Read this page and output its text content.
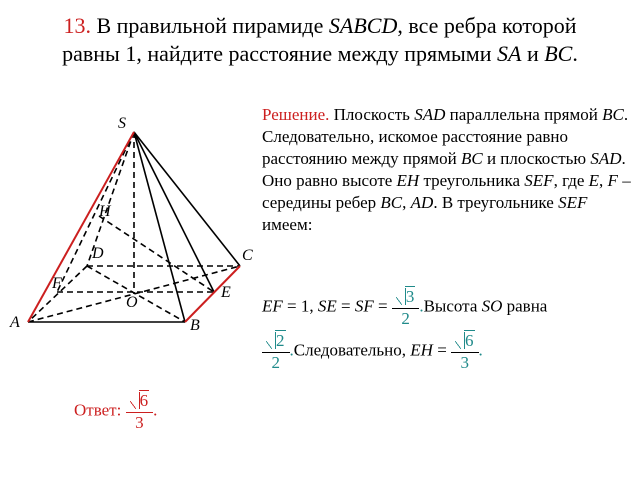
13. В правильной пирамиде SABCD, все ребра которой
равны 1, найдите расстояние между прямыми SA и BC.
Решение. Плоскость SAD параллельна прямой BC. Следовательно, искомое расстояние равно расстоянию между прямой BC и плоскостью SAD. Оно равно высоте EH треугольника SEF, где E, F – середины ребер BC, AD. В треугольнике SEF имеем:
EF = 1, SE = SF = $\frac{3}{2}$ .Высота SO равна
$\frac{2}{2}$ .Следовательно, EH = $\frac{6}{3}$ .
Ответ: $\frac{6}{3}$ .
S
H
D	C
F
E
O
A	B
